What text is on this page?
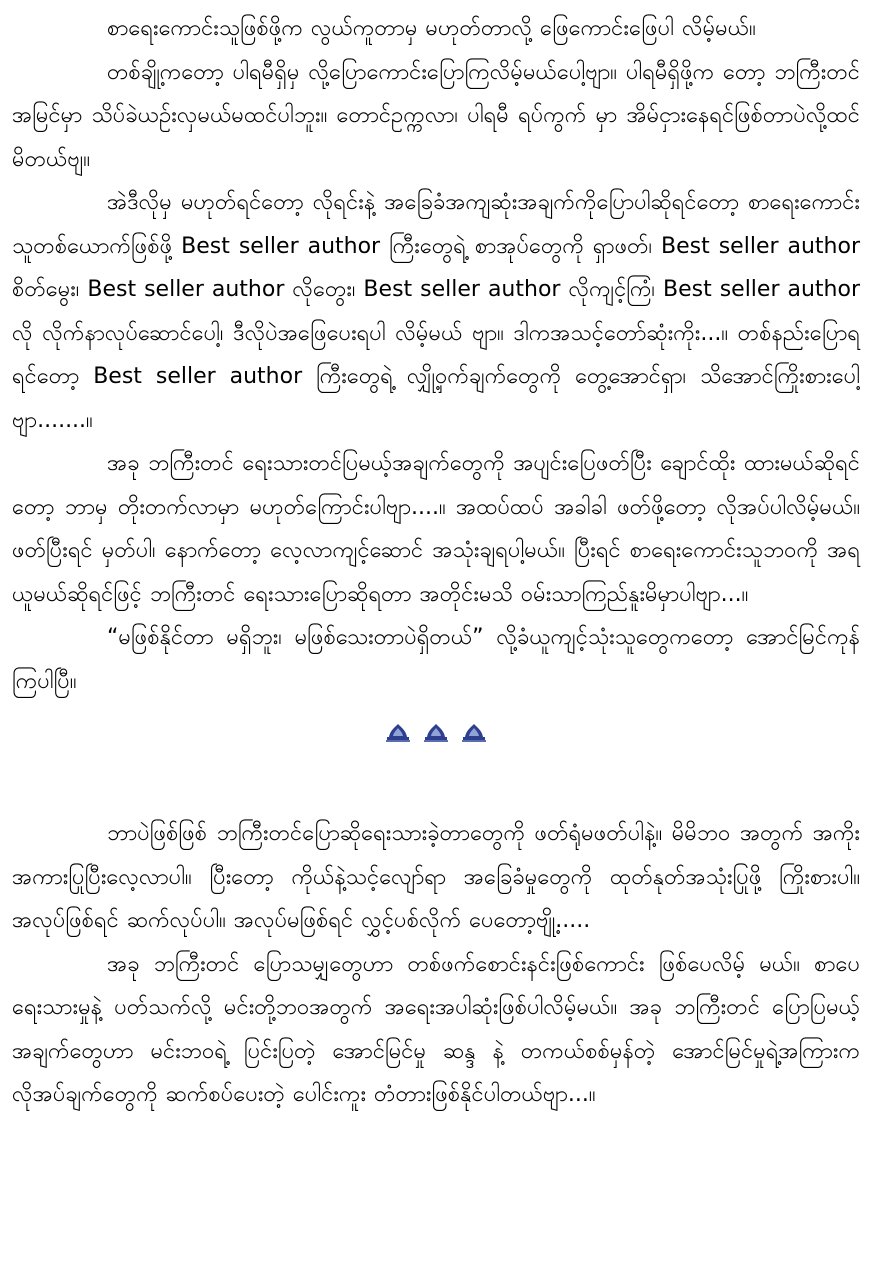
စာရေးကောင်းသူဖြစ်ဖို့က လွယ်ကူတာမှ မဟုတ်တာလို့ ဖြေကောင်းဖြေပါ လိမ့်မယ်။

တစ်ချို့ကတော့ ပါရမီရှိမှ လို့ပြောကောင်းပြောကြလိမ့်မယ်ပေါ့ဗျာ။ ပါရမီရှိဖို့က တော့ ဘကြီးတင်အမြင်မှာ သိပ်ခဲယဉ်းလှမယ်မထင်ပါဘူး။ တောင်ဥက္ကလာ၊ ပါရမီ ရပ်ကွက် မှာ အိမ်ငှားနေရင်ဖြစ်တာပဲလို့ထင်မိတယ်ဗျ။

အဲဒီလိုမှ မဟုတ်ရင်တော့ လိုရင်းနဲ့ အခြေခံအကျဆုံးအချက်ကိုပြောပါဆိုရင်တော့ စာရေးကောင်းသူတစ်ယောက်ဖြစ်ဖို့ Best seller author ကြီးတွေရဲ့ စာအုပ်တွေကို ရှာဖတ်၊ Best seller author စိတ်မွေး၊ Best seller author လိုတွေး၊ Best seller author လိုကျင့်ကြံ၊ Best seller author လို လိုက်နာလုပ်ဆောင်ပေါ့၊ ဒီလိုပဲအဖြေပေးရပါ လိမ့်မယ် ဗျာ။ ဒါကအသင့်တော်ဆုံးကိုး...။ တစ်နည်းပြောရရင်တော့ Best seller author ကြီးတွေရဲ့ လျှို့ဝှက်ချက်တွေကို တွေ့အောင်ရှာ၊ သိအောင်ကြိုးစားပေါ့ဗျာ.......။

အခု ဘကြီးတင် ရေးသားတင်ပြမယ့်အချက်တွေကို အပျင်းပြေဖတ်ပြီး ချောင်ထိုး ထားမယ်ဆိုရင်တော့ ဘာမှ တိုးတက်လာမှာ မဟုတ်ကြောင်းပါဗျာ....။ အထပ်ထပ် အခါခါ ဖတ်ဖို့တော့ လိုအပ်ပါလိမ့်မယ်။ ဖတ်ပြီးရင် မှတ်ပါ၊ နောက်တော့ လေ့လာကျင့်ဆောင် အသုံးချရပါ့မယ်။ ပြီးရင် စာရေးကောင်းသူဘဝကို အရယူမယ်ဆိုရင်ဖြင့် ဘကြီးတင် ရေးသားပြောဆိုရတာ အတိုင်းမသိ ဝမ်းသာကြည်နူးမိမှာပါဗျာ...။

“မဖြစ်နိုင်တာ မရှိဘူး၊ မဖြစ်သေးတာပဲရှိတယ်” လို့ခံယူကျင့်သုံးသူတွေကတော့ အောင်မြင်ကုန်ကြပါပြီ။

ဘာပဲဖြစ်ဖြစ် ဘကြီးတင်ပြောဆိုရေးသားခဲ့တာတွေကို ဖတ်ရုံမဖတ်ပါနဲ့။ မိမိဘဝ အတွက် အကိုးအကားပြုပြီးလေ့လာပါ။ ပြီးတော့ ကိုယ်နဲ့သင့်လျော်ရာ အခြေခံမှုတွေကို ထုတ်နုတ်အသုံးပြုဖို့ ကြိုးစားပါ။ အလုပ်ဖြစ်ရင် ဆက်လုပ်ပါ။ အလုပ်မဖြစ်ရင် လွှင့်ပစ်လိုက် ပေတော့ဗျို့.....

အခု ဘကြီးတင် ပြောသမျှတွေဟာ တစ်ဖက်စောင်းနင်းဖြစ်ကောင်း ဖြစ်ပေလိမ့် မယ်။ စာပေရေးသားမှုနဲ့ ပတ်သက်လို့ မင်းတို့ဘဝအတွက် အရေးအပါဆုံးဖြစ်ပါလိမ့်မယ်။ အခု ဘကြီးတင် ပြောပြမယ့်အချက်တွေဟာ မင်းဘဝရဲ့ ပြင်းပြတဲ့ အောင်မြင်မှု ဆန္ဒ နဲ့ တကယ်စစ်မှန်တဲ့ အောင်မြင်မှုရဲ့အကြားက လိုအပ်ချက်တွေကို ဆက်စပ်ပေးတဲ့ ပေါင်းကူး တံတားဖြစ်နိုင်ပါတယ်ဗျာ...။
